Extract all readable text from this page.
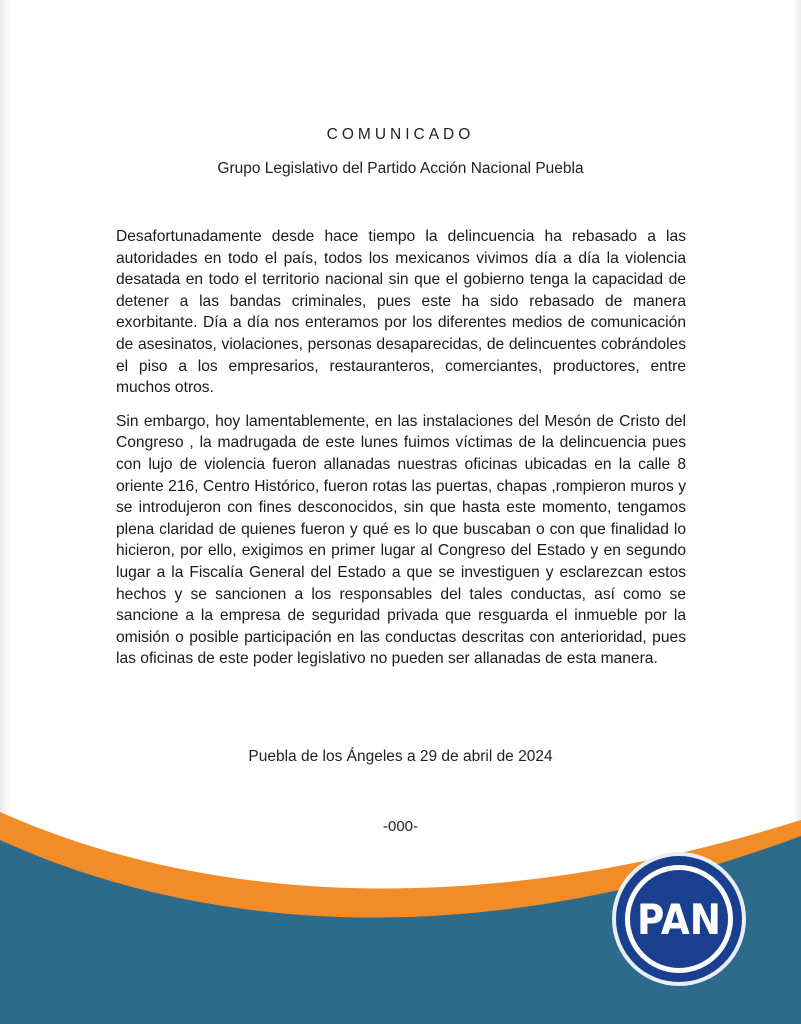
COMUNICADO
Grupo Legislativo del Partido Acción Nacional Puebla

Desafortunadamente desde hace tiempo la delincuencia ha rebasado a las autoridades en todo el país, todos los mexicanos vivimos día a día la violencia desatada en todo el territorio nacional sin que el gobierno tenga la capacidad de detener a las bandas criminales, pues este ha sido rebasado de manera exorbitante. Día a día nos enteramos por los diferentes medios de comunicación de asesinatos, violaciones, personas desaparecidas, de delincuentes cobrándoles el piso a los empresarios, restauranteros, comerciantes, productores, entre muchos otros.

Sin embargo, hoy lamentablemente, en las instalaciones del Mesón de Cristo del Congreso , la madrugada de este lunes fuimos víctimas de la delincuencia pues con lujo de violencia fueron allanadas nuestras oficinas ubicadas en la calle 8 oriente 216, Centro Histórico, fueron rotas las puertas, chapas ,rompieron muros y se introdujeron con fines desconocidos, sin que hasta este momento, tengamos plena claridad de quienes fueron y qué es lo que buscaban o con que finalidad lo hicieron, por ello, exigimos en primer lugar al Congreso del Estado y en segundo lugar a la Fiscalía General del Estado a que se investiguen y esclarezcan estos hechos y se sancionen a los responsables del tales conductas, así como se sancione a la empresa de seguridad privada que resguarda el inmueble por la omisión o posible participación en las conductas descritas con anterioridad, pues las oficinas de este poder legislativo no pueden ser allanadas de esta manera.

Puebla de los Ángeles a 29 de abril de 2024
-000-
PAN
